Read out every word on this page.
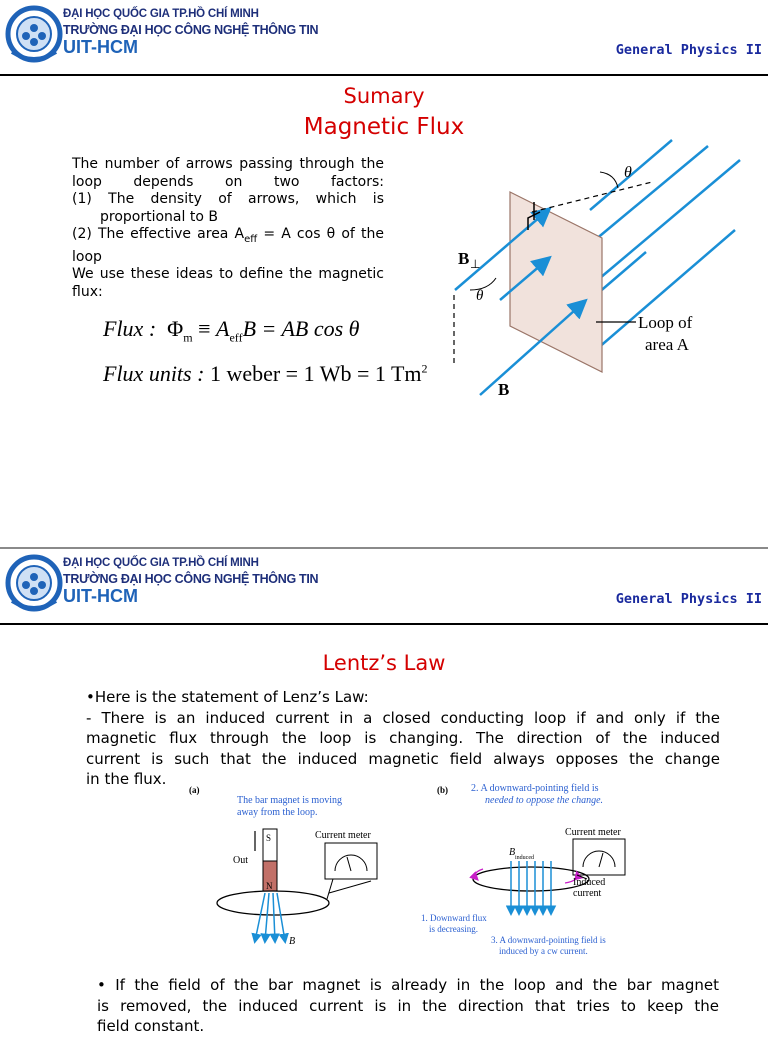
ĐẠI HỌC QUỐC GIA TP.HỒ CHÍ MINH
TRƯỜNG ĐẠI HỌC CÔNG NGHỆ THÔNG TIN
UIT-HCM	General Physics II
Sumary
Magnetic Flux

The number of arrows passing through the loop depends on two factors:

(1) The density of arrows, which is

proportional to B

(2) The effective area $A_{eff} = A$ cos θ of the

loop

We use these ideas to define the magnetic flux:

Flux : $\Phi_m \equiv A_{eff}B$ = AB cos θ
Flux units : 1 weber = 1 Wb = 1 Tm$^2$
θ
B ⊥
θ
Loop of
area A
B
ĐẠI HỌC QUỐC GIA TP.HỒ CHÍ MINH
TRƯỜNG ĐẠI HỌC CÔNG NGHỆ THÔNG TIN
UIT-HCM	General Physics II
Lentz’s Law

•Here is the statement of Lenz’s Law:

- There is an induced current in a closed conducting loop if and only if the

magnetic flux through the loop is changing. The direction of the induced

current is such that the induced magnetic field always opposes the change

in the flux.

(a)
The bar magnet is moving
away from the loop.
S
N
Out
B
Current meter
(b) 2. A downward-pointing field is
needed to oppose the change.
Current meter
B induced
Induced
current
1. Downward flux
is decreasing.
3. A downward-pointing field is
induced by a cw current.

• If the field of the bar magnet is already in the loop and the bar magnet

is removed, the induced current is in the direction that tries to keep the

field constant.
